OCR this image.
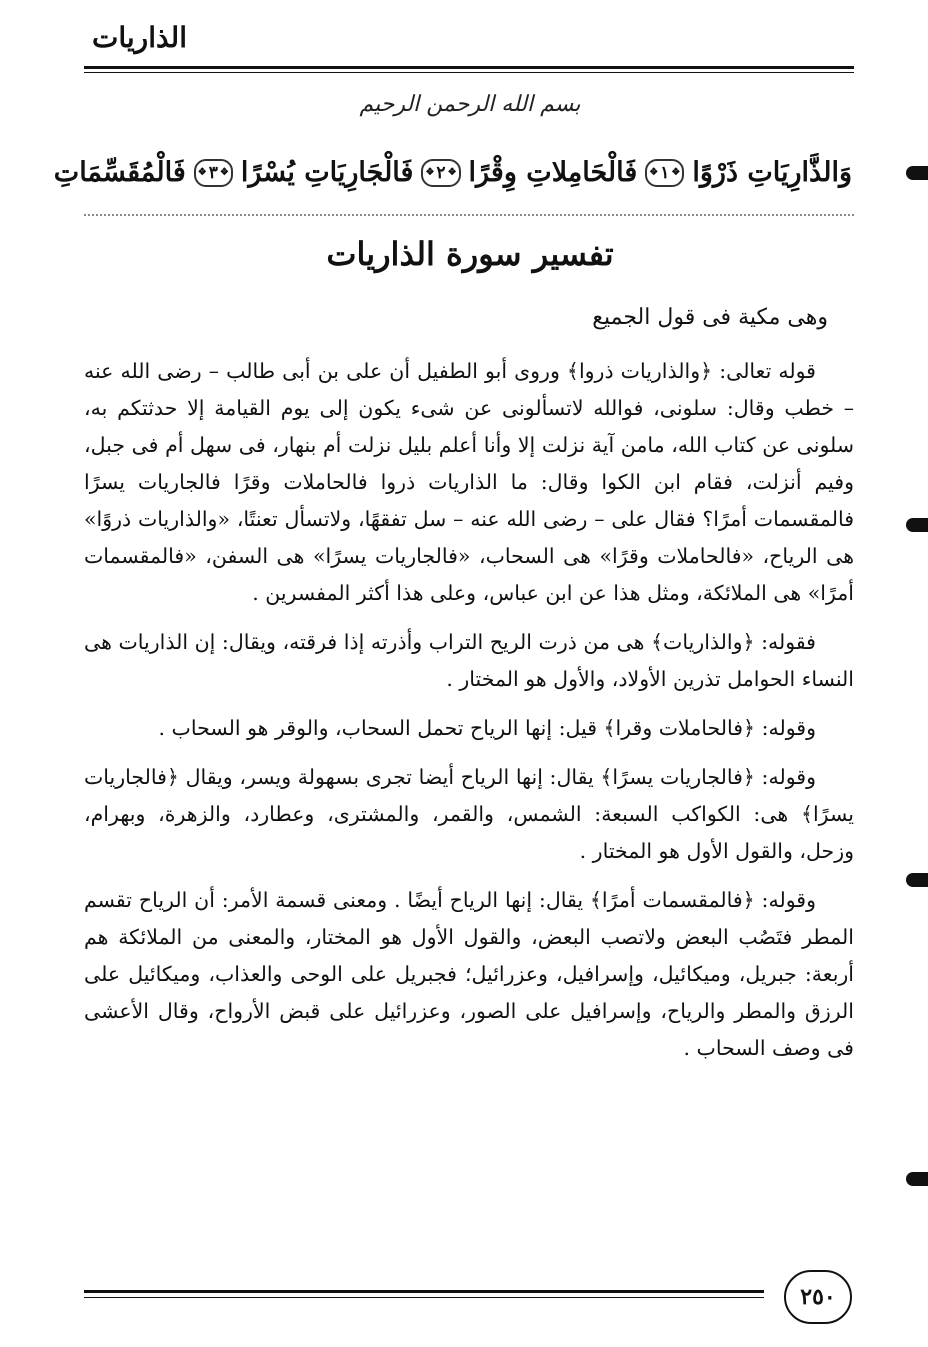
الذاريات
بسم الله الرحمن الرحيم
وَالذَّارِيَاتِ ذَرْوًا
❖ ١
❖
فَالْحَامِلاتِ وِقْرًا
❖ ٢
❖
فَالْجَارِيَاتِ يُسْرًا
❖ ٣
❖
فَالْمُقَسِّمَاتِ
تفسير سورة الذاريات
وهى مكية فى قول الجميع

قوله تعالى: ﴿والذاريات ذروا﴾ وروى أبو الطفيل أن على بن أبى طالب – رضى الله عنه – خطب وقال: سلونى، فوالله لاتسألونى عن شىء يكون إلى يوم القيامة إلا حدثتكم به، سلونى عن كتاب الله، مامن آية نزلت إلا وأنا أعلم بليل نزلت أم بنهار، فى سهل أم فى جبل، وفيم أنزلت، فقام ابن الكوا وقال: ما الذاريات ذروا فالحاملات وقرًا فالجاريات يسرًا فالمقسمات أمرًا؟ فقال على – رضى الله عنه – سل تفقهًا، ولاتسأل تعنتًا، «والذاريات ذروًا» هى الرياح، «فالحاملات وقرًا» هى السحاب، «فالجاريات يسرًا» هى السفن، «فالمقسمات أمرًا» هى الملائكة، ومثل هذا عن ابن عباس، وعلى هذا أكثر المفسرين .

فقوله: ﴿والذاريات﴾ هى من ذرت الريح التراب وأذرته إذا فرقته، ويقال: إن الذاريات هى النساء الحوامل تذرين الأولاد، والأول هو المختار .

وقوله: ﴿فالحاملات وقرا﴾ قيل: إنها الرياح تحمل السحاب، والوقر هو السحاب .

وقوله: ﴿فالجاريات يسرًا﴾ يقال: إنها الرياح أيضا تجرى بسهولة ويسر، ويقال ﴿فالجاريات يسرًا﴾ هى: الكواكب السبعة: الشمس، والقمر، والمشترى، وعطارد، والزهرة، وبهرام، وزحل، والقول الأول هو المختار .

وقوله: ﴿فالمقسمات أمرًا﴾ يقال: إنها الرياح أيضًا . ومعنى قسمة الأمر: أن الرياح تقسم المطر فتَصُب البعض ولاتصب البعض، والقول الأول هو المختار، والمعنى من الملائكة هم أربعة: جبريل، وميكائيل، وإسرافيل، وعزرائيل؛ فجبريل على الوحى والعذاب، وميكائيل على الرزق والمطر والرياح، وإسرافيل على الصور، وعزرائيل على قبض الأرواح، وقال الأعشى فى وصف السحاب .

٢٥٠
